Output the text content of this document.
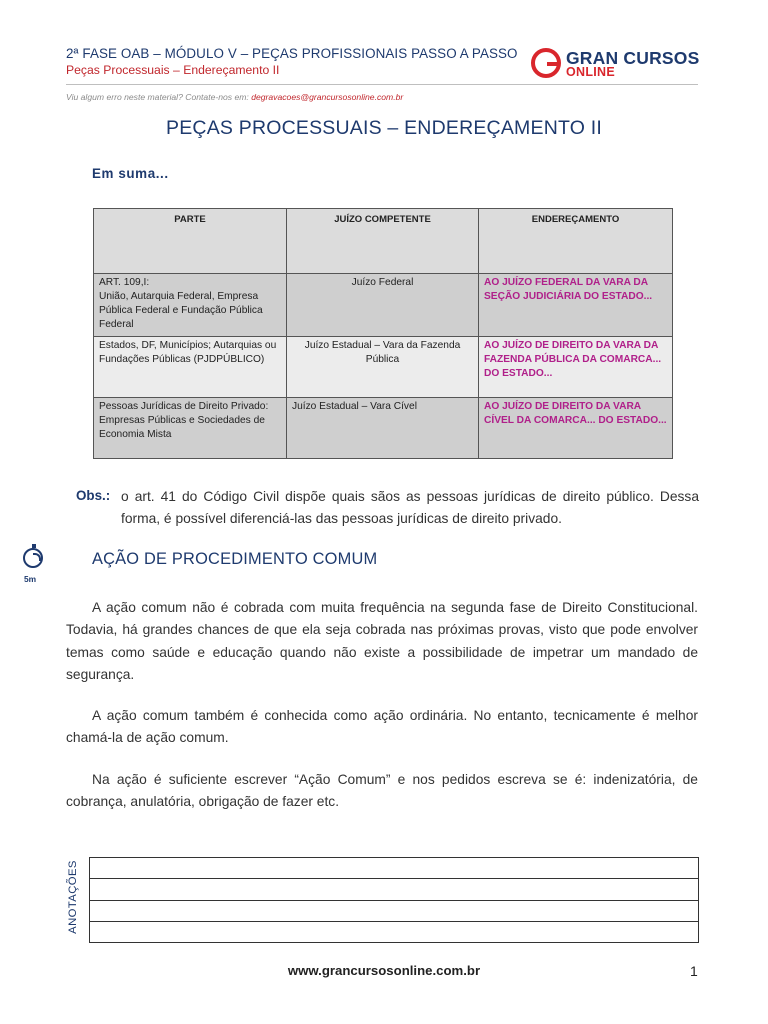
2ª FASE OAB – MÓDULO V – PEÇAS PROFISSIONAIS PASSO A PASSO
Peças Processuais – Endereçamento II
GRAN CURSOS
ONLINE
Viu algum erro neste material? Contate-nos em: degravacoes@grancursosonline.com.br
PEÇAS PROCESSUAIS – ENDEREÇAMENTO II
Em suma...
PARTE	JUÍZO COMPETENTE	ENDEREÇAMENTO
ART. 109,I:
União, Autarquia Federal, Empresa Pública Federal e Fundação Pública Federal	Juízo Federal	AO JUÍZO FEDERAL DA VARA DA SEÇÃO JUDICIÁRIA DO ESTADO...
Estados, DF, Municípios; Autarquias ou Fundações Públicas (PJDPÚBLICO)	Juízo Estadual – Vara da Fazenda Pública	AO JUÍZO DE DIREITO DA VARA DA FAZENDA PÚBLICA DA COMARCA... DO ESTADO...
Pessoas Jurídicas de Direito Privado:
Empresas Públicas e Sociedades de Economia Mista	Juízo Estadual – Vara Cível	AO JUÍZO DE DIREITO DA VARA CÍVEL DA COMARCA... DO ESTADO...
Obs.: o art. 41 do Código Civil dispõe quais sãos as pessoas jurídicas de direito público. Dessa forma, é possível diferenciá-las das pessoas jurídicas de direito privado.
5m
AÇÃO DE PROCEDIMENTO COMUM
A ação comum não é cobrada com muita frequência na segunda fase de Direito Constitucional. Todavia, há grandes chances de que ela seja cobrada nas próximas provas, visto que pode envolver temas como saúde e educação quando não existe a possibilidade de impetrar um mandado de segurança.
A ação comum também é conhecida como ação ordinária. No entanto, tecnicamente é melhor chamá-la de ação comum.
Na ação é suficiente escrever “Ação Comum” e nos pedidos escreva se é: indenizatória, de cobrança, anulatória, obrigação de fazer etc.
ANOTAÇÕES
www.grancursosonline.com.br	1
